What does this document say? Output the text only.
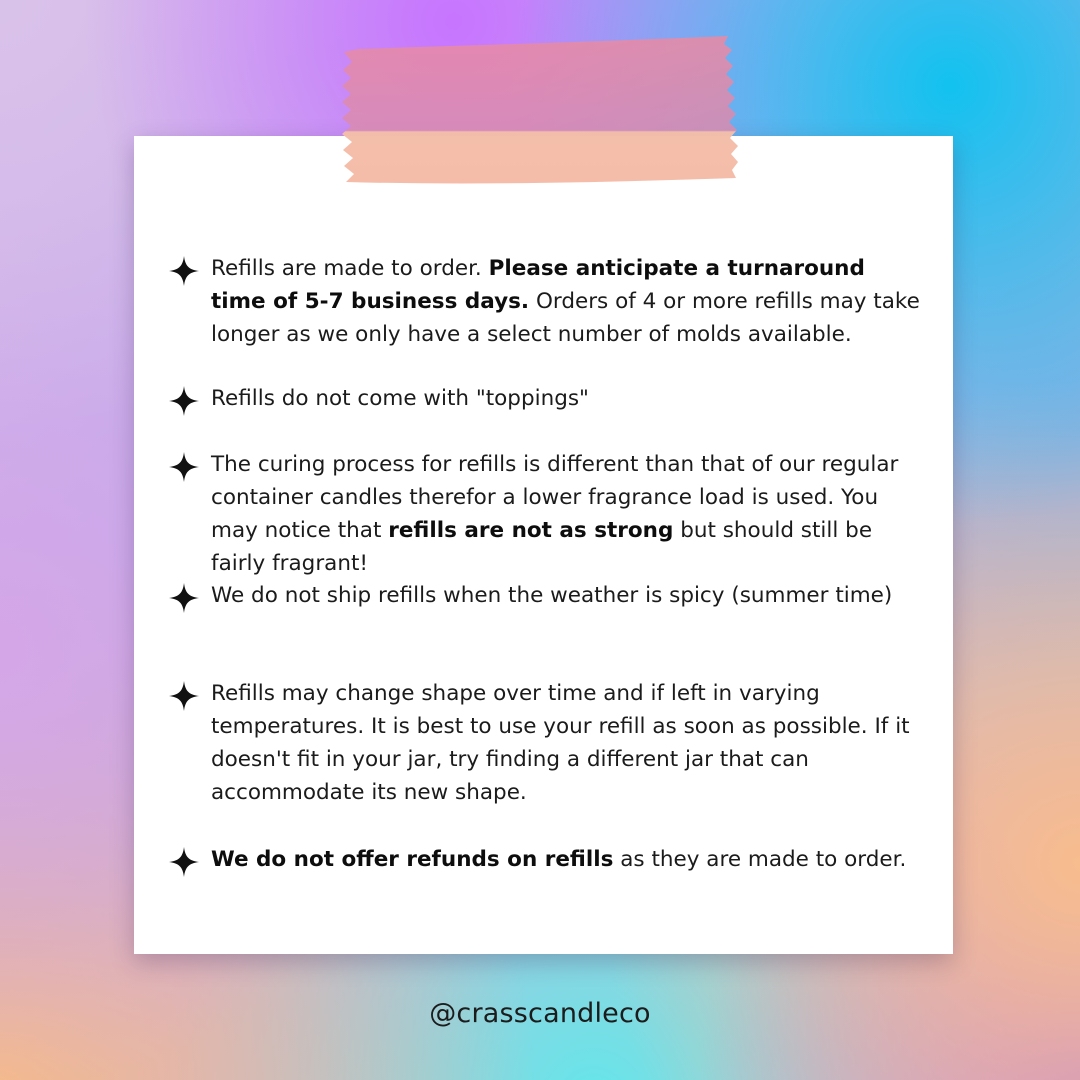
Refills are made to order. Please anticipate a turnaround time of 5-7 business days. Orders of 4 or more refills may take longer as we only have a select number of molds available.
Refills do not come with "toppings"
The curing process for refills is different than that of our regular container candles therefor a lower fragrance load is used. You may notice that refills are not as strong but should still be fairly fragrant!
We do not ship refills when the weather is spicy (summer time)
Refills may change shape over time and if left in varying temperatures. It is best to use your refill as soon as possible. If it doesn't fit in your jar, try finding a different jar that can accommodate its new shape.
We do not offer refunds on refills as they are made to order.
@crasscandleco
